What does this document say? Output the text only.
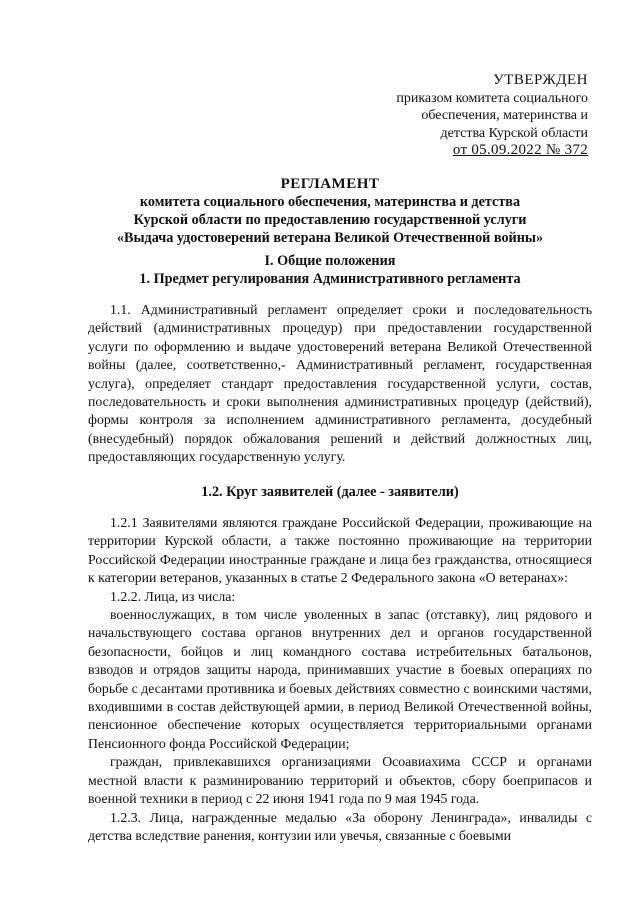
УТВЕРЖДЕН
приказом комитета социального
обеспечения, материнства и
детства Курской области
от 05.09.2022 № 372
РЕГЛАМЕНТ
комитета социального обеспечения, материнства и детства
Курской области по предоставлению государственной услуги
«Выдача удостоверений ветерана Великой Отечественной войны»
I. Общие положения
1. Предмет регулирования Административного регламента

1.1. Административный регламент определяет сроки и последовательность действий (административных процедур) при предоставлении государственной услуги по оформлению и выдаче удостоверений ветерана Великой Отечественной войны (далее, соответственно,- Административный регламент, государственная услуга), определяет стандарт предоставления государственной услуги, состав, последовательность и сроки выполнения административных процедур (действий), формы контроля за исполнением административного регламента, досудебный (внесудебный) порядок обжалования решений и действий должностных лиц, предоставляющих государственную услугу.

1.2. Круг заявителей (далее - заявители)

1.2.1 Заявителями являются граждане Российской Федерации, проживающие на территории Курской области, а также постоянно проживающие на территории Российской Федерации иностранные граждане и лица без гражданства, относящиеся к категории ветеранов, указанных в статье 2 Федерального закона «О ветеранах»:

1.2.2. Лица, из числа:

военнослужащих, в том числе уволенных в запас (отставку), лиц рядового и начальствующего состава органов внутренних дел и органов государственной безопасности, бойцов и лиц командного состава истребительных батальонов, взводов и отрядов защиты народа, принимавших участие в боевых операциях по борьбе с десантами противника и боевых действиях совместно с воинскими частями, входившими в состав действующей армии, в период Великой Отечественной войны, пенсионное обеспечение которых осуществляется территориальными органами Пенсионного фонда Российской Федерации;

граждан, привлекавшихся организациями Осоавиахима СССР и органами местной власти к разминированию территорий и объектов, сбору боеприпасов и военной техники в период с 22 июня 1941 года по 9 мая 1945 года.

1.2.3. Лица, награжденные медалью «За оборону Ленинграда», инвалиды с детства вследствие ранения, контузии или увечья, связанные с боевыми
